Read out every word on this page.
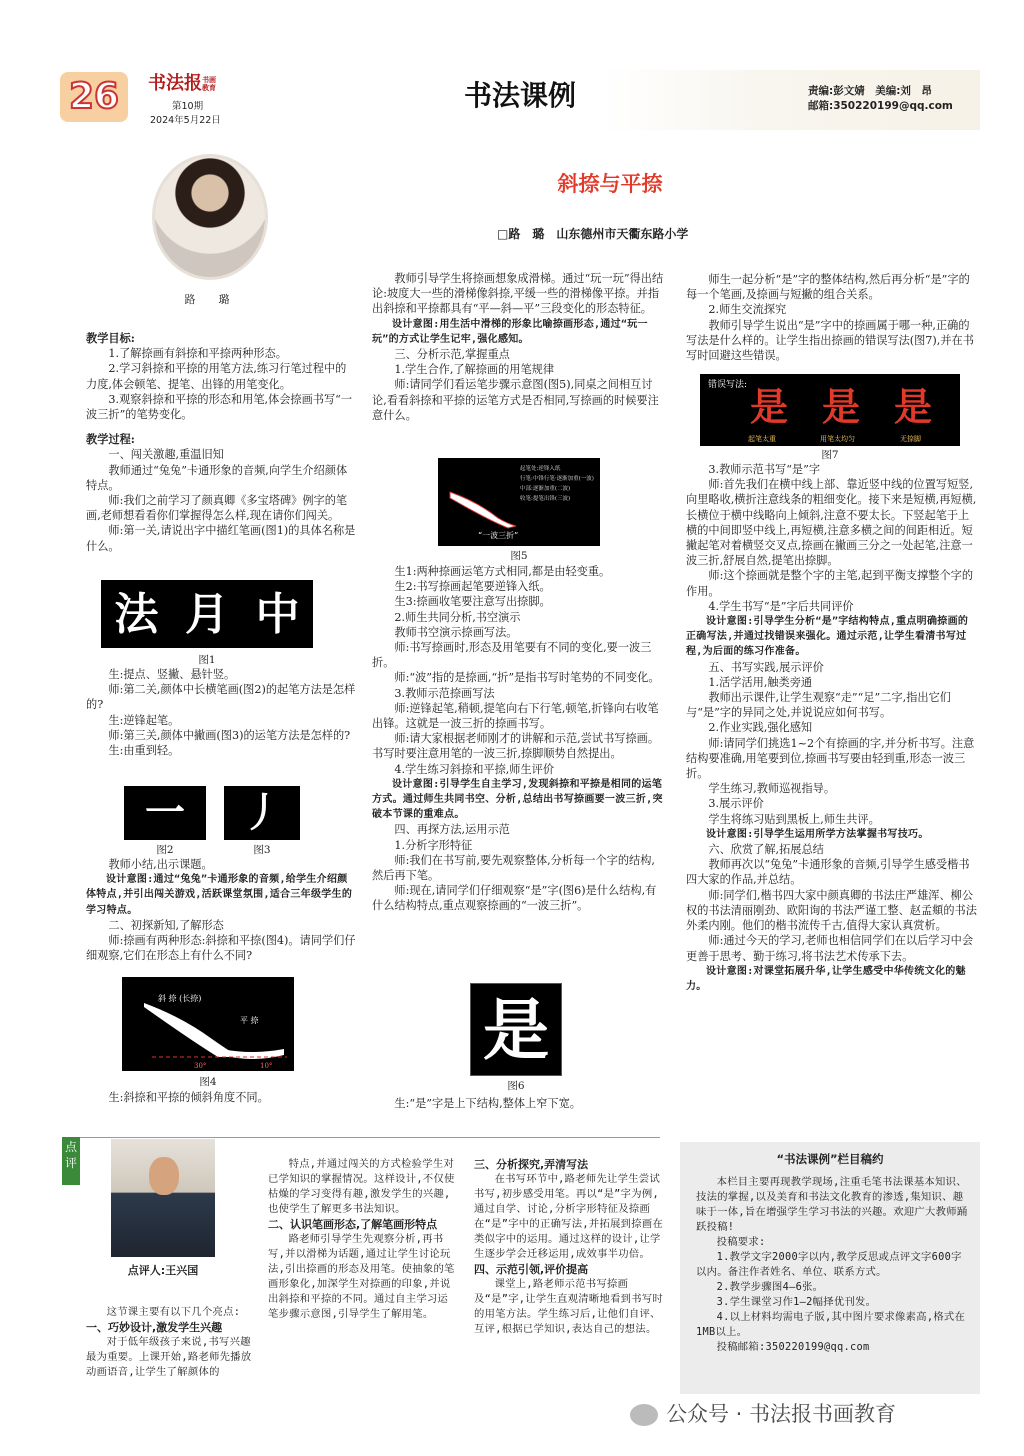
26	书法报书画教育
第10期
2024年5月22日
书法课例	责编:彭文婧　美编:刘　昂
邮箱:350220199@qq.com
路　璐
斜捺与平捺
□路　璐　山东德州市天衢东路小学

教学目标:

1.了解捺画有斜捺和平捺两种形态。

2.学习斜捺和平捺的用笔方法,练习行笔过程中的力度,体会顿笔、提笔、出锋的用笔变化。

3.观察斜捺和平捺的形态和用笔,体会捺画书写“一波三折”的笔势变化。

教学过程:

一、闯关激趣,重温旧知

教师通过“兔兔”卡通形象的音频,向学生介绍颜体特点。

师:我们之前学习了颜真卿《多宝塔碑》例字的笔画,老师想看看你们掌握得怎么样,现在请你们闯关。

师:第一关,请说出字中描红笔画(图1)的具体名称是什么。

法 月 中
图1

生:提点、竖撇、悬针竖。

师:第二关,颜体中长横笔画(图2)的起笔方法是怎样的?

生:逆锋起笔。

师:第三关,颜体中撇画(图3)的运笔方法是怎样的?

生:由重到轻。

一	丿
图2	图3

教师小结,出示课题。

设计意图:通过“兔兔”卡通形象的音频,给学生介绍颜体特点,并引出闯关游戏,活跃课堂氛围,适合三年级学生的学习特点。

二、初探新知,了解形态

师:捺画有两种形态:斜捺和平捺(图4)。请同学们仔细观察,它们在形态上有什么不同?

斜 捺 (长捺)
平 捺
30°	10°
图4

生:斜捺和平捺的倾斜角度不同。

教师引导学生将捺画想象成滑梯。通过“玩一玩”得出结论:坡度大一些的滑梯像斜捺,平缓一些的滑梯像平捺。并指出斜捺和平捺都具有“平—斜—平”三段变化的形态特征。

设计意图:用生活中滑梯的形象比喻捺画形态,通过“玩一玩”的方式让学生记牢,强化感知。

三、分析示范,掌握重点

1.学生合作,了解捺画的用笔规律

师:请同学们看运笔步骤示意图(图5),同桌之间相互讨论,看看斜捺和平捺的运笔方式是否相同,写捺画的时候要注意什么。

起笔处:逆锋入纸
行笔:中锋行笔·逐渐加重(一波)
中部:逐渐加重(二波)
收笔:提笔出锋(三波)
“一波三折”
图5

生1:两种捺画运笔方式相同,都是由轻变重。

生2:书写捺画起笔要逆锋入纸。

生3:捺画收笔要注意写出捺脚。

2.师生共同分析,书空演示

教师书空演示捺画写法。

师:书写捺画时,形态及用笔要有不同的变化,要一波三折。

师:“波”指的是捺画,“折”是指书写时笔势的不同变化。

3.教师示范捺画写法

师:逆锋起笔,稍顿,提笔向右下行笔,顿笔,折锋向右收笔出锋。这就是一波三折的捺画书写。

师:请大家根据老师刚才的讲解和示范,尝试书写捺画。书写时要注意用笔的一波三折,捺脚顺势自然提出。

4.学生练习斜捺和平捺,师生评价

设计意图:引导学生自主学习,发现斜捺和平捺是相同的运笔方式。通过师生共同书空、分析,总结出书写捺画要一波三折,突破本节课的重难点。

四、再探方法,运用示范

1.分析字形特征

师:我们在书写前,要先观察整体,分析每一个字的结构,然后再下笔。

师:现在,请同学们仔细观察“是”字(图6)是什么结构,有什么结构特点,重点观察捺画的“一波三折”。

是
图6

生:“是”字是上下结构,整体上窄下宽。

师生一起分析“是”字的整体结构,然后再分析“是”字的每一个笔画,及捺画与短撇的组合关系。

2.师生交流探究

教师引导学生说出“是”字中的捺画属于哪一种,正确的写法是什么样的。让学生指出捺画的错误写法(图7),并在书写时回避这些错误。

错误写法: 是 是 是
起笔太重	用笔太均匀	无捺脚
图7

3.教师示范书写“是”字

师:首先我们在横中线上部、靠近竖中线的位置写短竖,向里略收,横折注意线条的粗细变化。接下来是短横,再短横,长横位于横中线略向上倾斜,注意不要太长。下竖起笔于上横的中间即竖中线上,再短横,注意多横之间的间距相近。短撇起笔对着横竖交叉点,捺画在撇画三分之一处起笔,注意一波三折,舒展自然,提笔出捺脚。

师:这个捺画就是整个字的主笔,起到平衡支撑整个字的作用。

4.学生书写“是”字后共同评价

设计意图:引导学生分析“是”字结构特点,重点明确捺画的正确写法,并通过找错误来强化。通过示范,让学生看清书写过程,为后面的练习作准备。

五、书写实践,展示评价

1.活学活用,触类旁通

教师出示课件,让学生观察“走”“足”二字,指出它们与“是”字的异同之处,并说说应如何书写。

2.作业实践,强化感知

师:请同学们挑选1~2个有捺画的字,并分析书写。注意结构要准确,用笔要到位,捺画书写要由轻到重,形态一波三折。

学生练习,教师巡视指导。

3.展示评价

学生将练习贴到黑板上,师生共评。

设计意图:引导学生运用所学方法掌握书写技巧。

六、欣赏了解,拓展总结

教师再次以“兔兔”卡通形象的音频,引导学生感受楷书四大家的作品,并总结。

师:同学们,楷书四大家中颜真卿的书法庄严雄浑、柳公权的书法清丽刚劲、欧阳询的书法严谨工整、赵孟頫的书法外柔内刚。他们的楷书流传千古,值得大家认真赏析。

师:通过今天的学习,老师也相信同学们在以后学习中会更善于思考、勤于练习,将书法艺术传承下去。

设计意图:对课堂拓展升华,让学生感受中华传统文化的魅力。

点评
点评人:王兴国

这节课主要有以下几个亮点:

一、巧妙设计,激发学生兴趣

对于低年级孩子来说,书写兴趣最为重要。上课开始,路老师先播放动画语音,让学生了解颜体的

特点,并通过闯关的方式检验学生对已学知识的掌握情况。这样设计,不仅使枯燥的学习变得有趣,激发学生的兴趣,也使学生了解更多书法知识。

二、认识笔画形态,了解笔画形特点

路老师引导学生先观察分析,再书写,并以滑梯为话题,通过让学生讨论玩法,引出捺画的形态及用笔。使抽象的笔画形象化,加深学生对捺画的印象,并说出斜捺和平捺的不同。通过自主学习运笔步骤示意图,引导学生了解用笔。

三、分析探究,弄清写法

在书写环节中,路老师先让学生尝试书写,初步感受用笔。再以“是”字为例,通过自学、讨论,分析字形特征及捺画在“是”字中的正确写法,并拓展到捺画在类似字中的运用。通过这样的设计,让学生逐步学会迁移运用,成效事半功倍。

四、示范引领,评价提高

课堂上,路老师示范书写捺画及“是”字,让学生直观清晰地看到书写时的用笔方法。学生练习后,让他们自评、互评,根据已学知识,表达自己的想法。

“书法课例”栏目稿约

本栏目主要再现教学现场,注重毛笔书法课基本知识、技法的掌握,以及美育和书法文化教育的渗透,集知识、趣味于一体,旨在增强学生学习书法的兴趣。欢迎广大教师踊跃投稿!

投稿要求:

1.教学文字2000字以内,教学反思或点评文字600字以内。备注作者姓名、单位、联系方式。

2.教学步骤图4—6张。

3.学生课堂习作1—2幅择优刊发。

4.以上材料均需电子版,其中图片要求像素高,格式在1MB以上。

投稿邮箱:350220199@qq.com

公众号 · 书法报书画教育
